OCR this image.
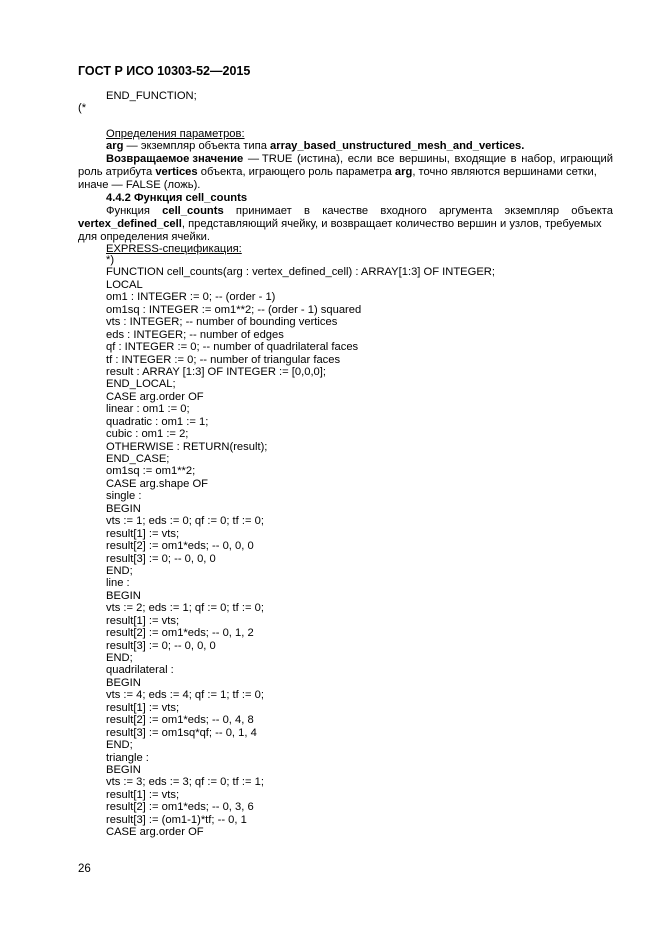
ГОСТ Р ИСО 10303-52—2015
END_FUNCTION;
(*
Определения параметров:
arg — экземпляр объекта типа array_based_unstructured_mesh_and_vertices.
Возвращаемое значение — TRUE (истина), если все вершины, входящие в набор, играющий
роль атрибута vertices объекта, играющего роль параметра arg , точно являются вершинами сетки,
иначе — FALSE (ложь).
4.4.2 Функция cell_counts
Функция cell_counts принимает в качестве входного аргумента экземпляр объекта
vertex_defined_cell , представляющий ячейку, и возвращает количество вершин и узлов, требуемых
для определения ячейки.
EXPRESS-спецификация:
*)
FUNCTION cell_counts(arg : vertex_defined_cell) : ARRAY[1:3] OF INTEGER;
LOCAL
om1 : INTEGER := 0; -- (order - 1)
om1sq : INTEGER := om1**2; -- (order - 1) squared
vts : INTEGER; -- number of bounding vertices
eds : INTEGER; -- number of edges
qf : INTEGER := 0; -- number of quadrilateral faces
tf : INTEGER := 0; -- number of triangular faces
result : ARRAY [1:3] OF INTEGER := [0,0,0];
END_LOCAL;
CASE arg.order OF
linear : om1 := 0;
quadratic : om1 := 1;
cubic : om1 := 2;
OTHERWISE : RETURN(result);
END_CASE;
om1sq := om1**2;
CASE arg.shape OF
single :
BEGIN
vts := 1; eds := 0; qf := 0; tf := 0;
result[1] := vts;
result[2] := om1*eds; -- 0, 0, 0
result[3] := 0; -- 0, 0, 0
END;
line :
BEGIN
vts := 2; eds := 1; qf := 0; tf := 0;
result[1] := vts;
result[2] := om1*eds; -- 0, 1, 2
result[3] := 0; -- 0, 0, 0
END;
quadrilateral :
BEGIN
vts := 4; eds := 4; qf := 1; tf := 0;
result[1] := vts;
result[2] := om1*eds; -- 0, 4, 8
result[3] := om1sq*qf; -- 0, 1, 4
END;
triangle :
BEGIN
vts := 3; eds := 3; qf := 0; tf := 1;
result[1] := vts;
result[2] := om1*eds; -- 0, 3, 6
result[3] := (om1-1)*tf; -- 0, 1
CASE arg.order OF
26
